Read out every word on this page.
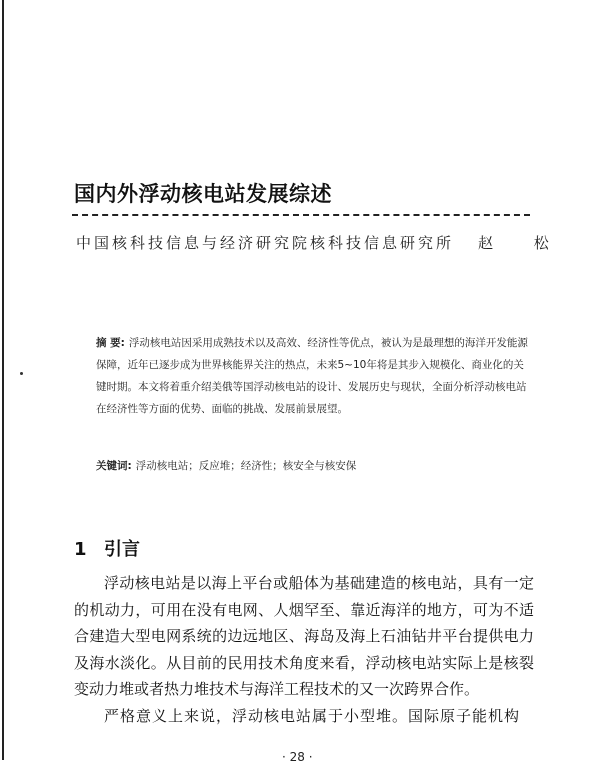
国内外浮动核电站发展综述
中国核科技信息与经济研究院核科技信息研究所 赵 松
摘 要: 浮动核电站因采用成熟技术以及高效、经济性等优点，被认为是最理想的海洋开发能源保障，近年已逐步成为世界核能界关注的热点，未来5~10年将是其步入规模化、商业化的关键时期。本文将着重介绍美俄等国浮动核电站的设计、发展历史与现状，全面分析浮动核电站在经济性等方面的优势、面临的挑战、发展前景展望。
关键词: 浮动核电站；反应堆；经济性；核安全与核安保
1 引言

浮动核电站是以海上平台或船体为基础建造的核电站，具有一定的机动力，可用在没有电网、人烟罕至、靠近海洋的地方，可为不适合建造大型电网系统的边远地区、海岛及海上石油钻井平台提供电力及海水淡化。从目前的民用技术角度来看，浮动核电站实际上是核裂变动力堆或者热力堆技术与海洋工程技术的又一次跨界合作。

严格意义上来说，浮动核电站属于小型堆。国际原子能机构

· 28 ·
